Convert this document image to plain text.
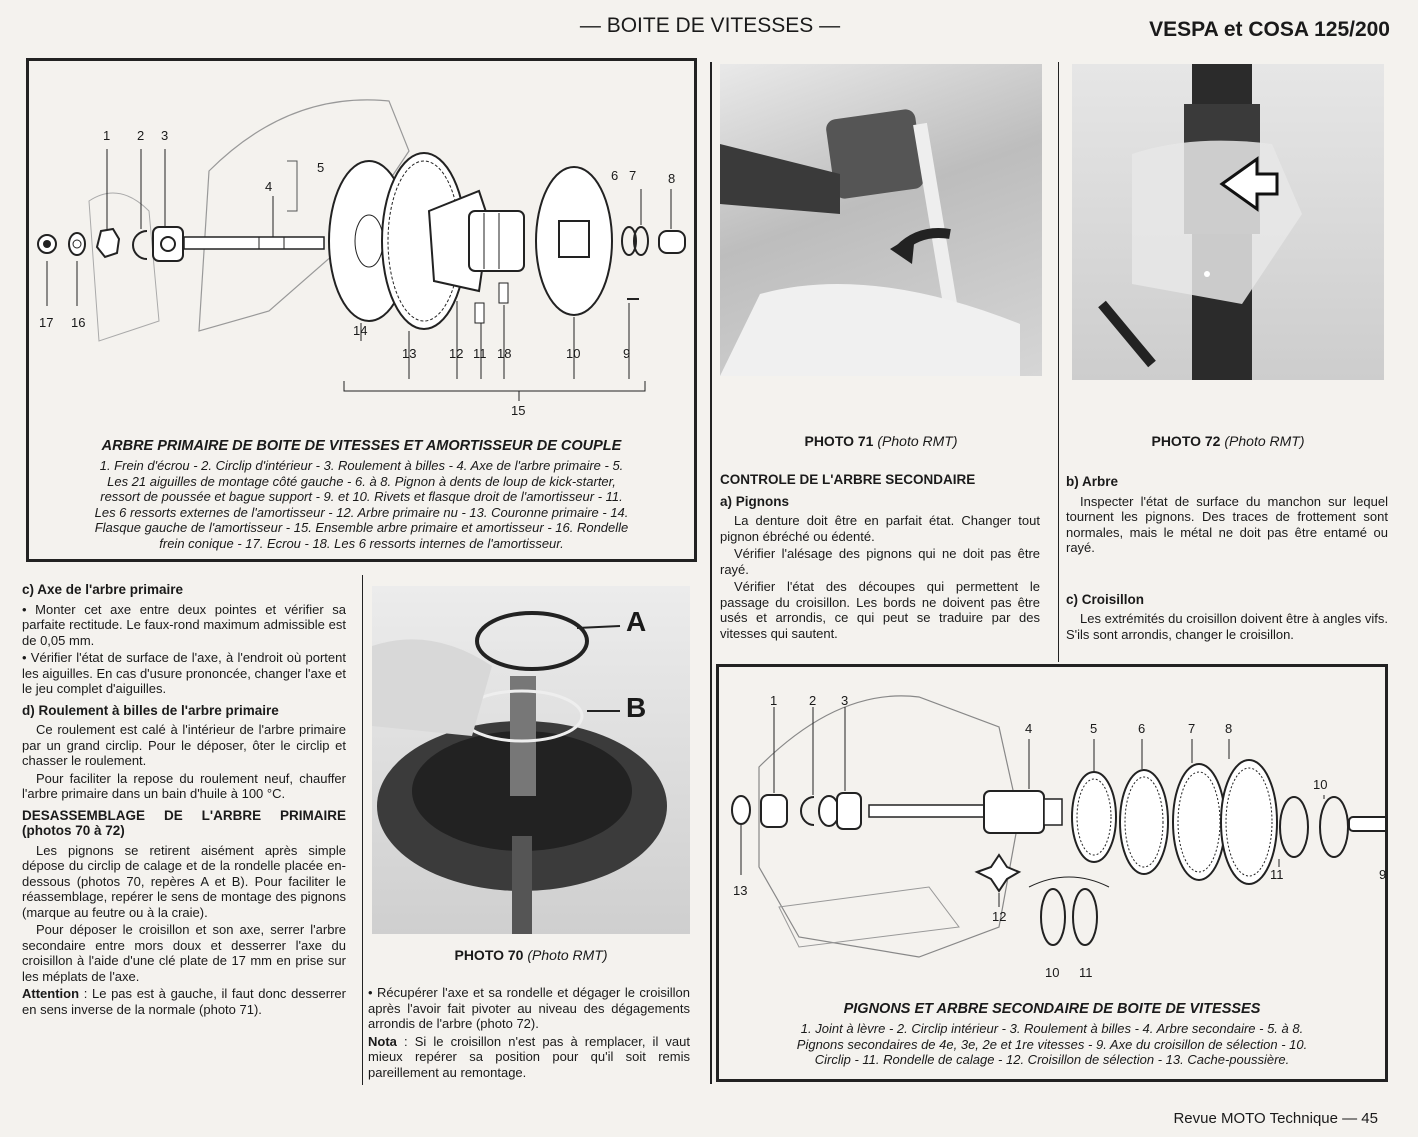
— BOITE DE VITESSES —	VESPA et COSA 125/200
1 2 3
4
5
6 7 8
9
10
11
12
13
14
15
16
17
18
ARBRE PRIMAIRE DE BOITE DE VITESSES ET AMORTISSEUR DE COUPLE
1. Frein d'écrou - 2. Circlip d'intérieur - 3. Roulement à billes - 4. Axe de l'arbre primaire - 5.
Les 21 aiguilles de montage côté gauche - 6. à 8. Pignon à dents de loup de kick-starter,
ressort de poussée et bague support - 9. et 10. Rivets et flasque droit de l'amortisseur - 11.
Les 6 ressorts externes de l'amortisseur - 12. Arbre primaire nu - 13. Couronne primaire - 14.
Flasque gauche de l'amortisseur - 15. Ensemble arbre primaire et amortisseur - 16. Rondelle
frein conique - 17. Ecrou - 18. Les 6 ressorts internes de l'amortisseur.
PHOTO 71 (Photo RMT)	PHOTO 72 (Photo RMT)
A
B
PHOTO 70 (Photo RMT)
c) Axe de l'arbre primaire

• Monter cet axe entre deux pointes et vérifier sa parfaite rectitude. Le faux-rond maximum admissible est de 0,05 mm.

• Vérifier l'état de surface de l'axe, à l'endroit où portent les aiguilles. En cas d'usure prononcée, changer l'axe et le jeu complet d'aiguilles.

d) Roulement à billes de l'arbre primaire

Ce roulement est calé à l'intérieur de l'arbre primaire par un grand circlip. Pour le déposer, ôter le circlip et chasser le roulement.

Pour faciliter la repose du roulement neuf, chauffer l'arbre primaire dans un bain d'huile à 100 °C.

DESASSEMBLAGE DE L'ARBRE PRIMAIRE (photos 70 à 72)

Les pignons se retirent aisément après simple dépose du circlip de calage et de la rondelle placée en-dessous (photos 70, repères A et B). Pour faciliter le réassemblage, repérer le sens de montage des pignons (marque au feutre ou à la craie).

Pour déposer le croisillon et son axe, serrer l'arbre secondaire entre mors doux et desserrer l'axe du croisillon à l'aide d'une clé plate de 17 mm en prise sur les méplats de l'axe.

Attention : Le pas est à gauche, il faut donc desserrer en sens inverse de la normale (photo 71).

• Récupérer l'axe et sa rondelle et dégager le croisillon après l'avoir fait pivoter au niveau des dégagements arrondis de l'arbre (photo 72).

Nota : Si le croisillon n'est pas à remplacer, il vaut mieux repérer sa position pour qu'il soit remis pareillement au remontage.

CONTROLE DE L'ARBRE SECONDAIRE
a) Pignons

La denture doit être en parfait état. Changer tout pignon ébréché ou édenté.

Vérifier l'alésage des pignons qui ne doit pas être rayé.

Vérifier l'état des découpes qui permettent le passage du croisillon. Les bords ne doivent pas être usés et arrondis, ce qui peut se traduire par des vitesses qui sautent.

b) Arbre

Inspecter l'état de surface du manchon sur lequel tournent les pignons. Des traces de frottement sont normales, mais le métal ne doit pas être entamé ou rayé.

c) Croisillon

Les extrémités du croisillon doivent être à angles vifs. S'ils sont arrondis, changer le croisillon.

1 2 3
4	5	6	7 8
9
10
11
12
13
10 11
PIGNONS ET ARBRE SECONDAIRE DE BOITE DE VITESSES
1. Joint à lèvre - 2. Circlip intérieur - 3. Roulement à billes - 4. Arbre secondaire - 5. à 8.
Pignons secondaires de 4e, 3e, 2e et 1re vitesses - 9. Axe du croisillon de sélection - 10.
Circlip - 11. Rondelle de calage - 12. Croisillon de sélection - 13. Cache-poussière.
Revue MOTO Technique — 45
